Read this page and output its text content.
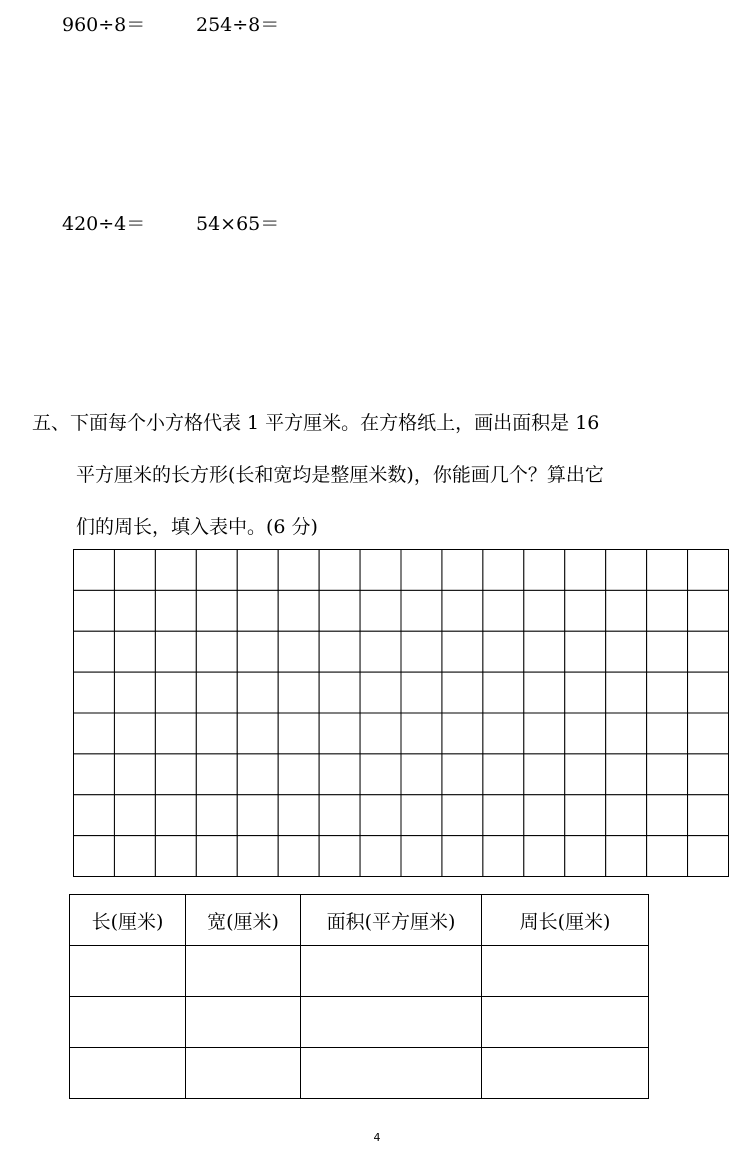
960÷8＝	254÷8＝
420÷4＝	54×65＝
五、下面每个小方格代表 1 平方厘米。在方格纸上，画出面积是 16
平方厘米的长方形(长和宽均是整厘米数)，你能画几个？算出它
们的周长，填入表中。(6 分)
长(厘米)	宽(厘米)	面积(平方厘米)	周长(厘米)

4
